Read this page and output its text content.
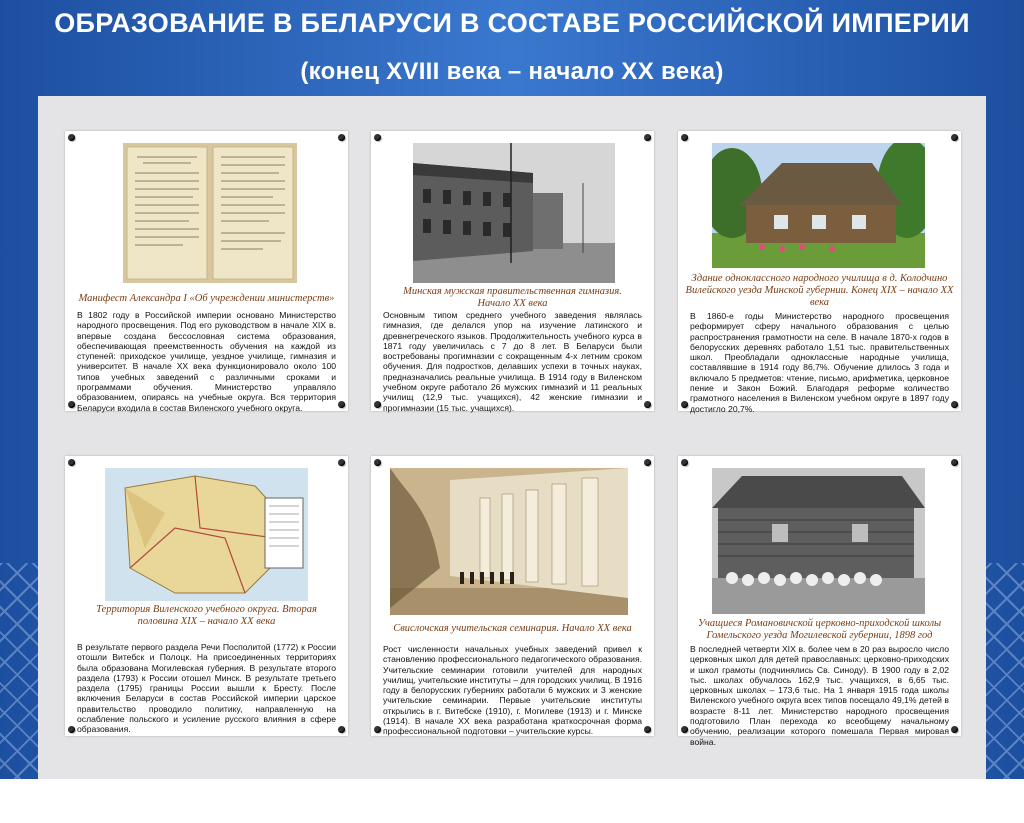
ОБРАЗОВАНИЕ В БЕЛАРУСИ В СОСТАВЕ РОССИЙСКОЙ ИМПЕРИИ
(конец XVIII века – начало XX века)
Манифест Александра I «Об учреждении министерств»
В 1802 году в Российской империи основано Министерство народного просвещения. Под его руководством в начале XIX в. впервые создана бессословная система образования, обеспечивающая преемственность обучения на каждой из ступеней: приходское училище, уездное училище, гимназия и университет. В начале XX века функционировало около 100 типов учебных заведений с различными сроками и программами обучения. Министерство управляло образованием, опираясь на учебные округа. Вся территория Беларуси входила в состав Виленского учебного округа.
Минская мужская правительственная гимназия. Начало XX века
Основным типом среднего учебного заведения являлась гимназия, где делался упор на изучение латинского и древнегреческого языков. Продолжительность учебного курса в 1871 году увеличилась с 7 до 8 лет. В Беларуси были востребованы прогимназии с сокращенным 4-х летним сроком обучения. Для подростков, делавших успехи в точных науках, предназначались реальные училища. В 1914 году в Виленском учебном округе работало 26 мужских гимназий и 11 реальных училищ (12,9 тыс. учащихся), 42 женские гимназии и прогимназии (15 тыс. учащихся).
Здание одноклассного народного училища в д. Колодчино Вилейского уезда Минской губернии. Конец XIX – начало XX века
В 1860-е годы Министерство народного просвещения реформирует сферу начального образования с целью распространения грамотности на селе. В начале 1870-х годов в белорусских деревнях работало 1,51 тыс. правительственных школ. Преобладали одноклассные народные училища, составлявшие в 1914 году 86,7%. Обучение длилось 3 года и включало 5 предметов: чтение, письмо, арифметика, церковное пение и Закон Божий. Благодаря реформе количество грамотного населения в Виленском учебном округе в 1897 году достигло 20,7%.
Территория Виленского учебного округа. Вторая половина XIX – начало XX века
В результате первого раздела Речи Посполитой (1772) к России отошли Витебск и Полоцк. На присоединенных территориях была образована Могилевская губерния. В результате второго раздела (1793) к России отошел Минск. В результате третьего раздела (1795) границы России вышли к Бресту. После включения Беларуси в состав Российской империи царское правительство проводило политику, направленную на ослабление польского и усиление русского влияния в сфере образования.
Свислочская учительская семинария. Начало XX века
Рост численности начальных учебных заведений привел к становлению профессионального педагогического образования. Учительские семинарии готовили учителей для народных училищ, учительские институты – для городских училищ. В 1916 году в белорусских губерниях работали 6 мужских и 3 женские учительские семинарии. Первые учительские институты открылись в г. Витебске (1910), г. Могилеве (1913) и г. Минске (1914). В начале XX века разработана краткосрочная форма профессиональной подготовки – учительские курсы.
Учащиеся Романовичской церковно-приходской школы Гомельского уезда Могилевской губернии, 1898 год
В последней четверти XIX в. более чем в 20 раз выросло число церковных школ для детей православных: церковно-приходских и школ грамоты (подчинялись Св. Синоду). В 1900 году в 2,02 тыс. школах обучалось 162,9 тыс. учащихся, в 6,65 тыс. церковных школах – 173,6 тыс. На 1 января 1915 года школы Виленского учебного округа всех типов посещало 49,1% детей в возрасте 8-11 лет. Министерство народного просвещения подготовило План перехода ко всеобщему начальному обучению, реализации которого помешала Первая мировая война.
